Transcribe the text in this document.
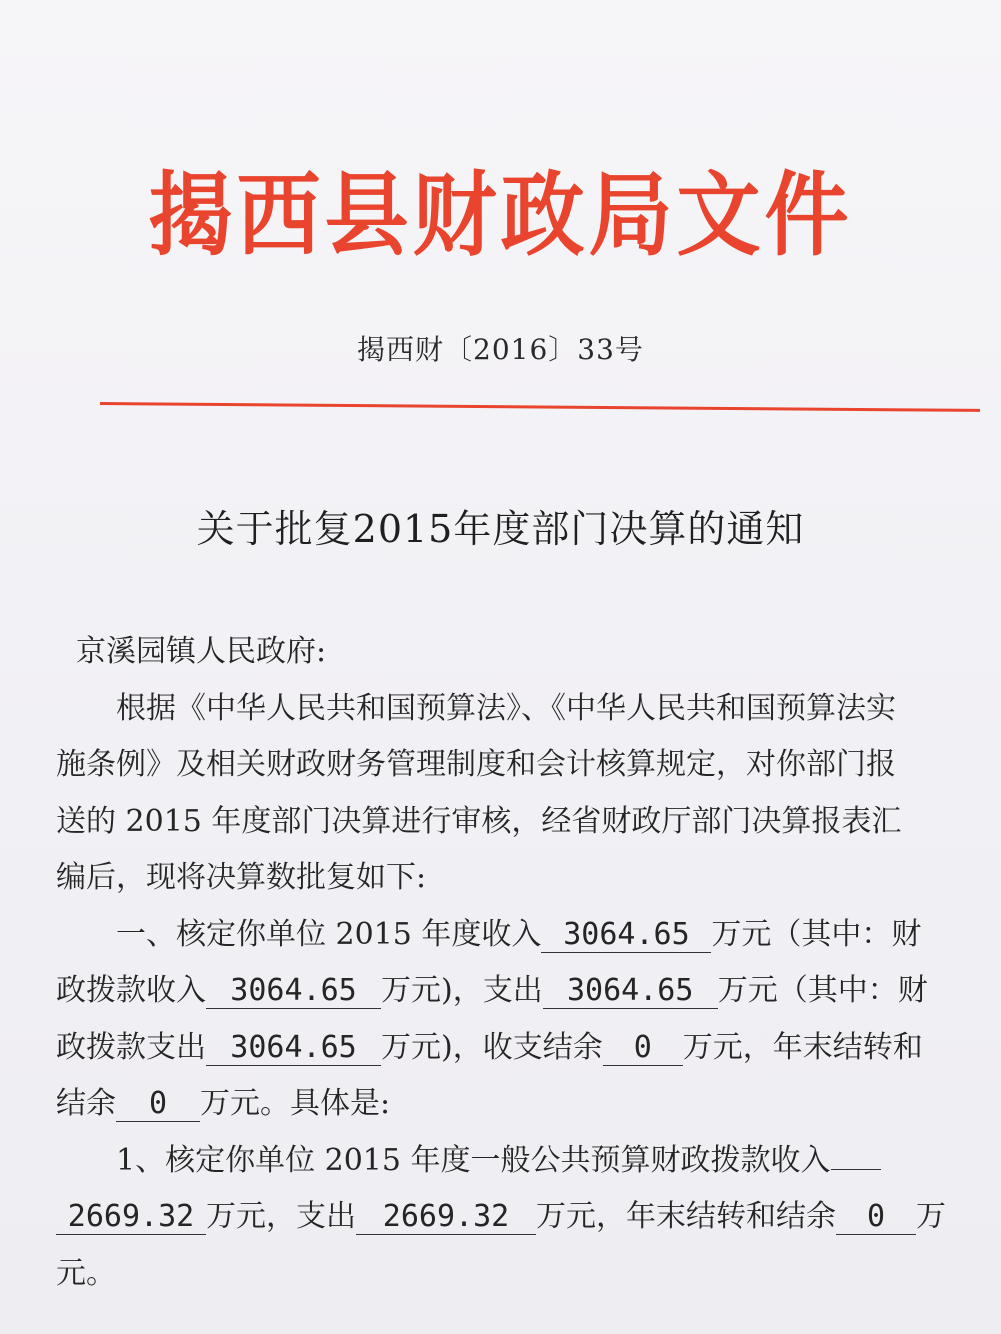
揭西县财政局文件
揭西财〔2016〕33号
关于批复2015年度部门决算的通知
京溪园镇人民政府:
根据《中华人民共和国预算法》、《中华人民共和国预算法实
施条例》及相关财政财务管理制度和会计核算规定，对你部门报
送的 2015 年度部门决算进行审核，经省财政厅部门决算报表汇
编后，现将决算数批复如下:
一、核定你单位 2015 年度收入 3064.65 万元（其中：财
政拨款收入 3064.65 万元)，支出 3064.65 万元（其中：财
政拨款支出 3064.65 万元)，收支结余 0 万元，年末结转和
结余 0 万元。具体是:
1、核定你单位 2015 年度一般公共预算财政拨款收入
2669.32 万元，支出 2669.32 万元，年末结转和结余 0 万
元。
